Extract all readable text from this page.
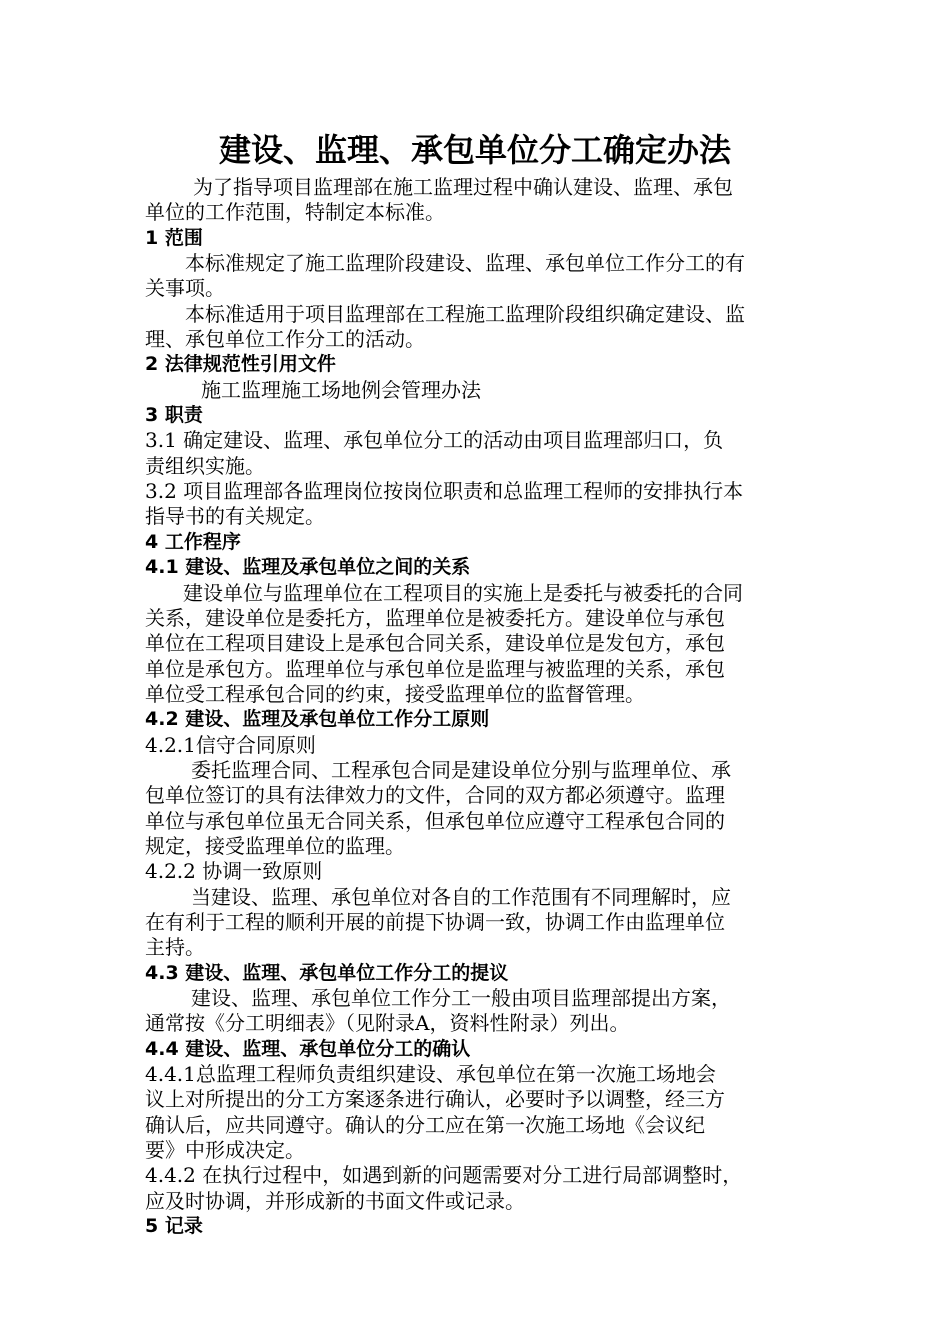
建设、监理、承包单位分工确定办法
为了指导项目监理部在施工监理过程中确认建设、监理、承包
单位的工作范围，特制定本标准。
1 范围
本标准规定了施工监理阶段建设、监理、承包单位工作分工的有
关事项。
本标准适用于项目监理部在工程施工监理阶段组织确定建设、监
理、承包单位工作分工的活动。
2 法律规范性引用文件
施工监理施工场地例会管理办法
3 职责
3.1 确定建设、监理、承包单位分工的活动由项目监理部归口，负
责组织实施。
3.2 项目监理部各监理岗位按岗位职责和总监理工程师的安排执行本
指导书的有关规定。
4 工作程序
4.1 建设、监理及承包单位之间的关系
建设单位与监理单位在工程项目的实施上是委托与被委托的合同
关系，建设单位是委托方，监理单位是被委托方。建设单位与承包
单位在工程项目建设上是承包合同关系，建设单位是发包方，承包
单位是承包方。监理单位与承包单位是监理与被监理的关系，承包
单位受工程承包合同的约束，接受监理单位的监督管理。
4.2 建设、监理及承包单位工作分工原则
4.2.1信守合同原则
委托监理合同、工程承包合同是建设单位分别与监理单位、承
包单位签订的具有法律效力的文件，合同的双方都必须遵守。监理
单位与承包单位虽无合同关系，但承包单位应遵守工程承包合同的
规定，接受监理单位的监理。
4.2.2 协调一致原则
当建设、监理、承包单位对各自的工作范围有不同理解时，应
在有利于工程的顺利开展的前提下协调一致，协调工作由监理单位
主持。
4.3 建设、监理、承包单位工作分工的提议
建设、监理、承包单位工作分工一般由项目监理部提出方案，
通常按《分工明细表》（见附录A，资料性附录）列出。
4.4 建设、监理、承包单位分工的确认
4.4.1总监理工程师负责组织建设、承包单位在第一次施工场地会
议上对所提出的分工方案逐条进行确认，必要时予以调整，经三方
确认后，应共同遵守。确认的分工应在第一次施工场地《会议纪
要》中形成决定。
4.4.2 在执行过程中，如遇到新的问题需要对分工进行局部调整时，
应及时协调，并形成新的书面文件或记录。
5 记录
